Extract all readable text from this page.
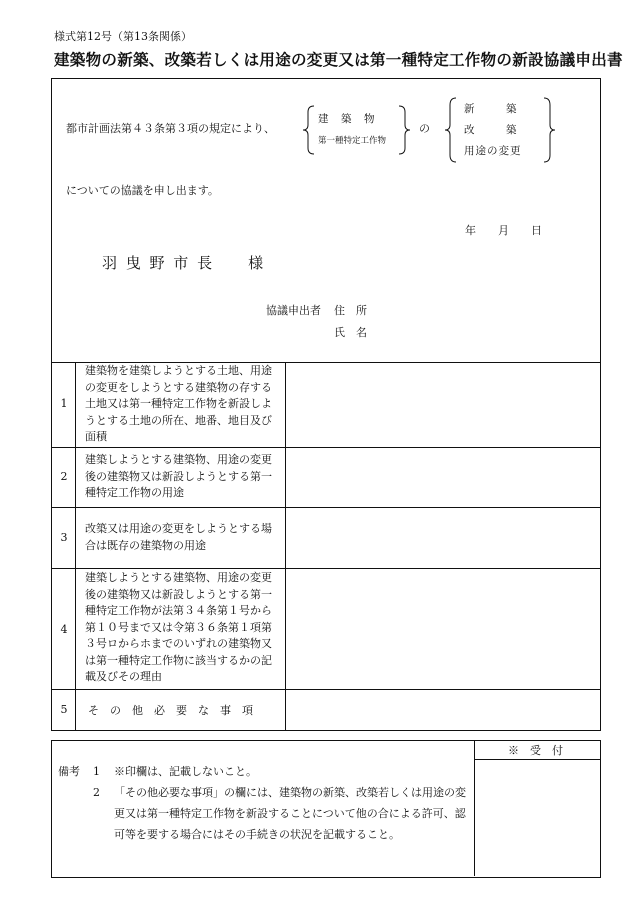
様式第12号（第13条関係）
建築物の新築、改築若しくは用途の変更又は第一種特定工作物の新設協議申出書
都市計画法第４３条第３項の規定により、
建　築　物
第一種特定工作物
の
新　　　築
改　　　築
用途の変更
についての協議を申し出ます。
年　　月　　日
羽 曳 野 市 長　　様
協議申出者 住　所
氏　名
1
建築物を建築しようとする土地、用途の変更をしようとする建築物の存する土地又は第一種特定工作物を新設しようとする土地の所在、地番、地目及び面積
2
建築しようとする建築物、用途の変更後の建築物又は新設しようとする第一種特定工作物の用途
3
改築又は用途の変更をしようとする場合は既存の建築物の用途
4
建築しようとする建築物、用途の変更後の建築物又は新設しようとする第一種特定工作物が法第３４条第１号から第１０号まで又は令第３６条第１項第３号ロからホまでのいずれの建築物又は第一種特定工作物に該当するかの記載及びその理由
5	そ　の　他　必　要　な　事　項
※　受　付
備考 1 ※印欄は、記載しないこと。
2 「その他必要な事項」の欄には、建築物の新築、改築若しくは用途の変更又は第一種特定工作物を新設することについて他の合による許可、認可等を要する場合にはその手続きの状況を記載すること。
